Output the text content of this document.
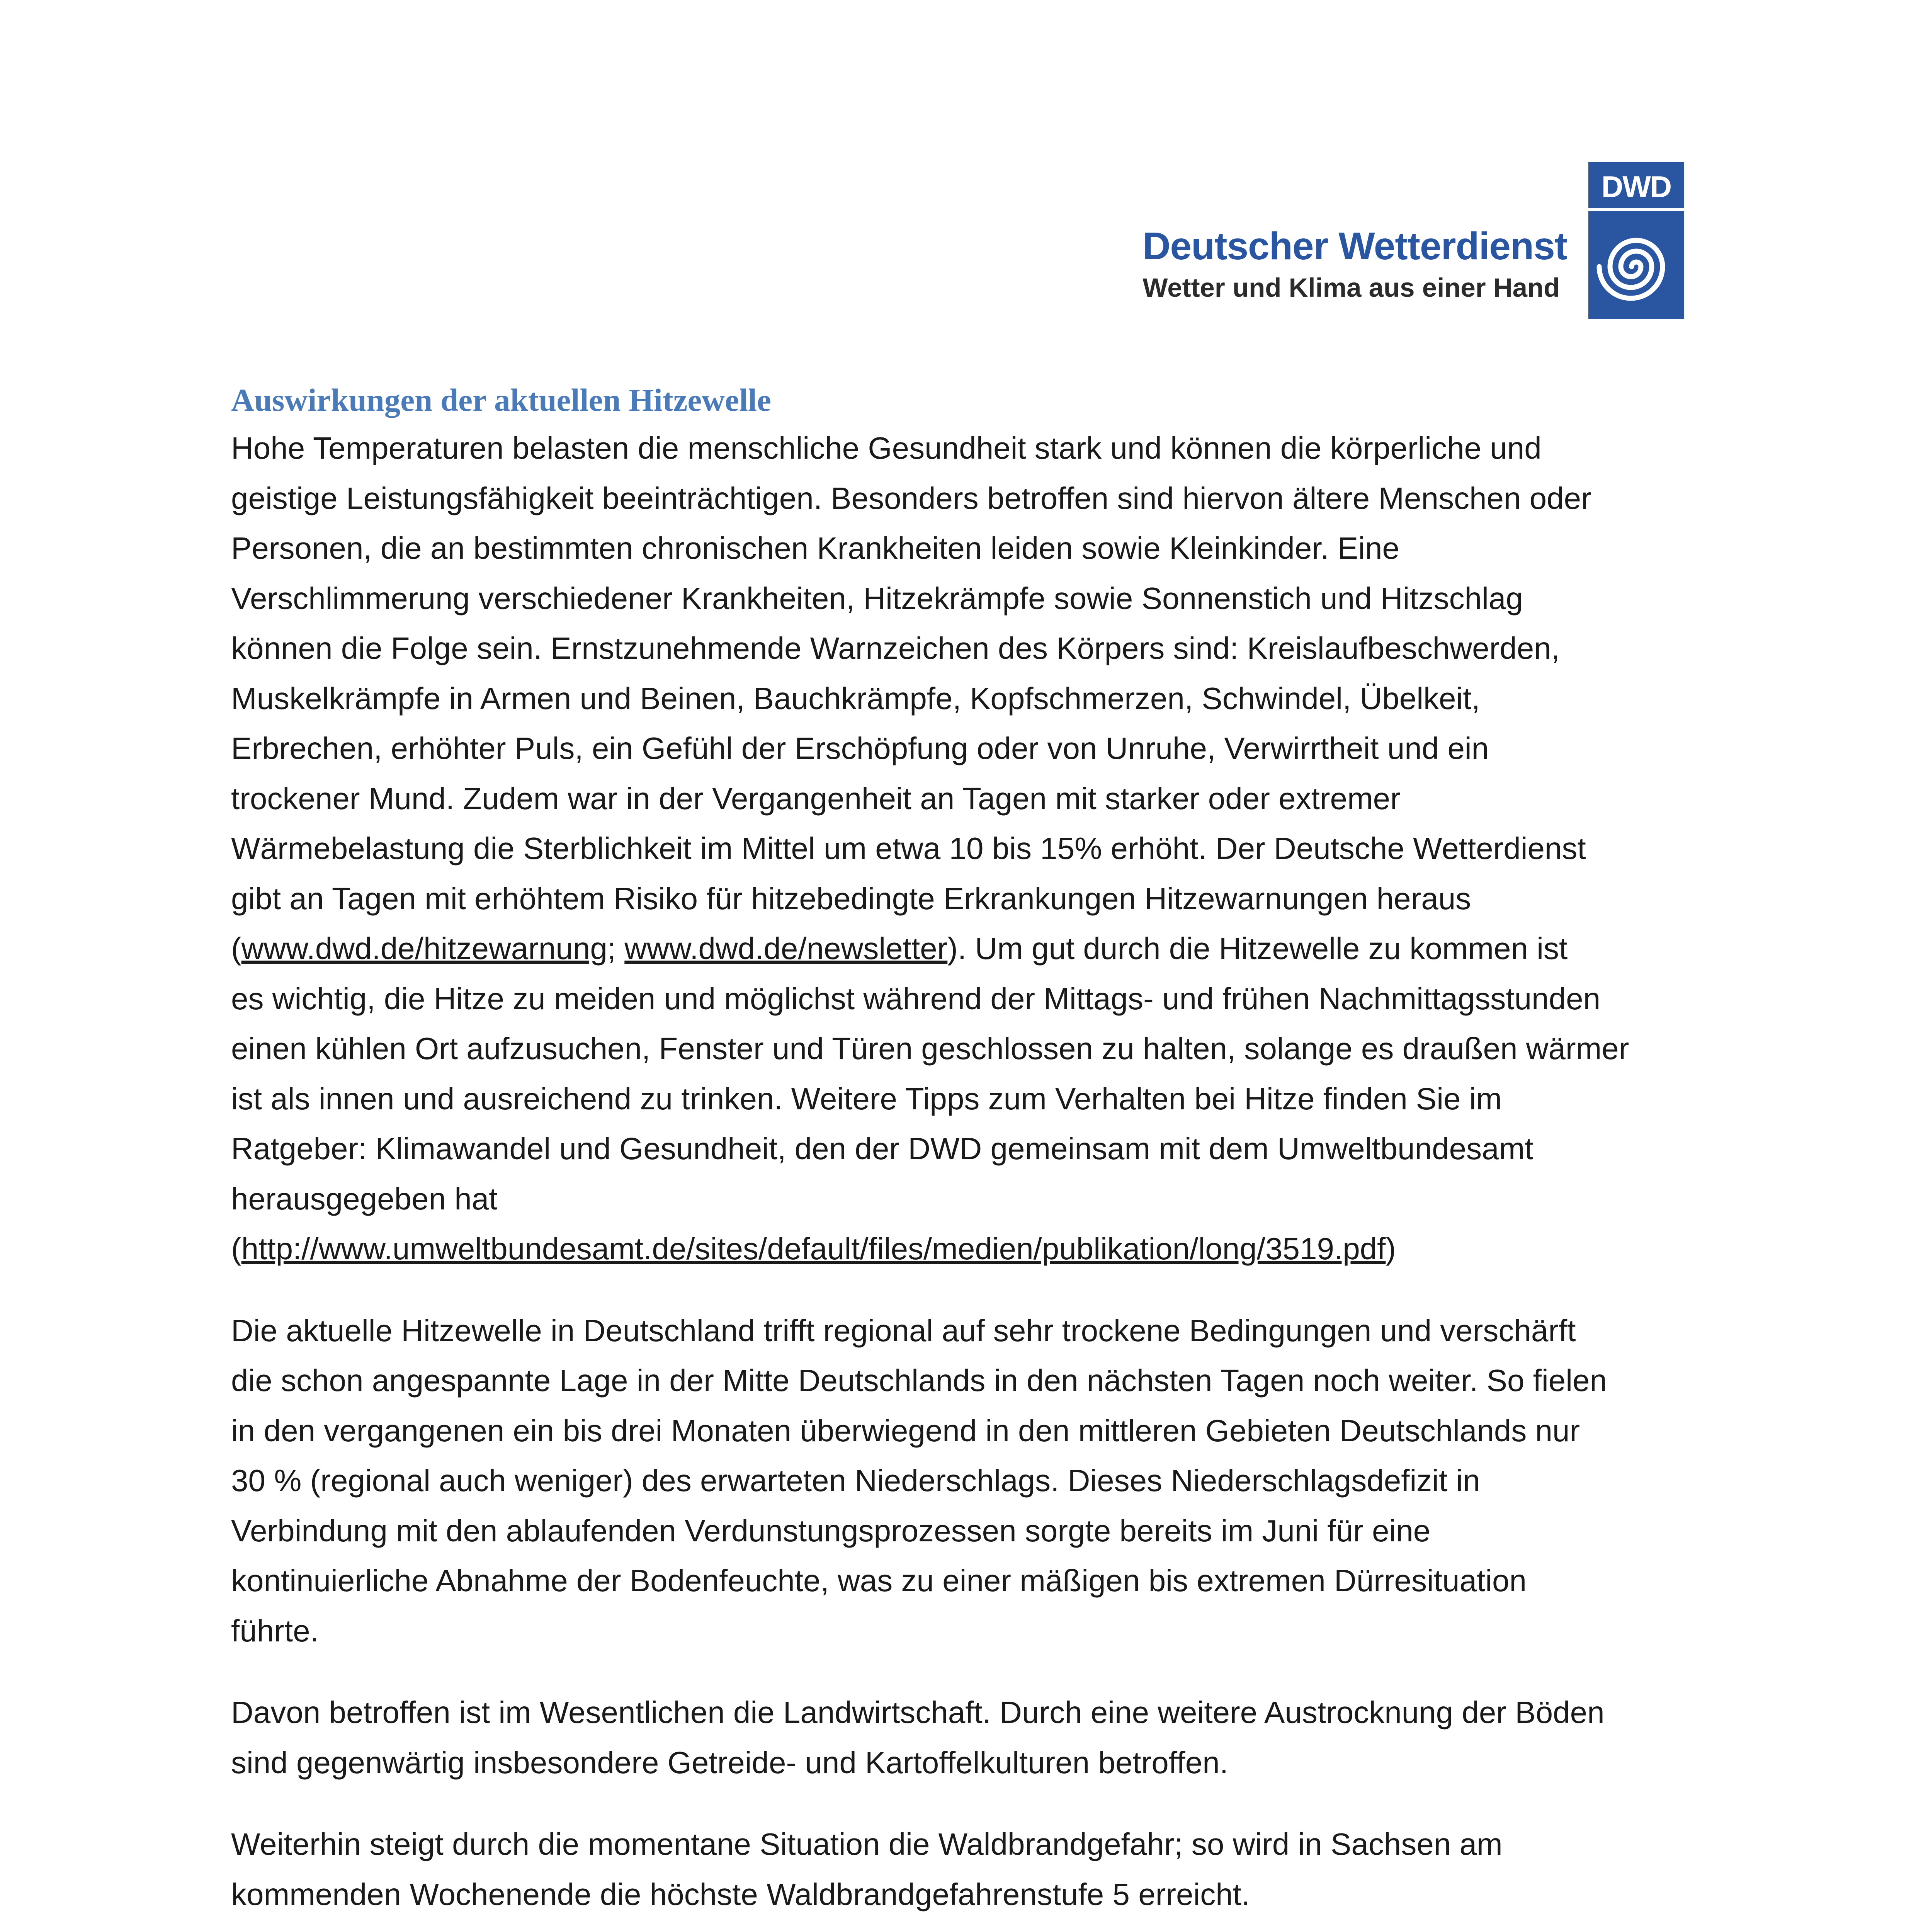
Deutscher Wetterdienst
Wetter und Klima aus einer Hand
DWD
Auswirkungen der aktuellen Hitzewelle

Hohe Temperaturen belasten die menschliche Gesundheit stark und können die körperliche und
geistige Leistungsfähigkeit beeinträchtigen. Besonders betroffen sind hiervon ältere Menschen oder
Personen, die an bestimmten chronischen Krankheiten leiden sowie Kleinkinder. Eine
Verschlimmerung verschiedener Krankheiten, Hitzekrämpfe sowie Sonnenstich und Hitzschlag
können die Folge sein. Ernstzunehmende Warnzeichen des Körpers sind: Kreislaufbeschwerden,
Muskelkrämpfe in Armen und Beinen, Bauchkrämpfe, Kopfschmerzen, Schwindel, Übelkeit,
Erbrechen, erhöhter Puls, ein Gefühl der Erschöpfung oder von Unruhe, Verwirrtheit und ein
trockener Mund. Zudem war in der Vergangenheit an Tagen mit starker oder extremer
Wärmebelastung die Sterblichkeit im Mittel um etwa 10 bis 15% erhöht. Der Deutsche Wetterdienst
gibt an Tagen mit erhöhtem Risiko für hitzebedingte Erkrankungen Hitzewarnungen heraus
(www.dwd.de/hitzewarnung; www.dwd.de/newsletter). Um gut durch die Hitzewelle zu kommen ist
es wichtig, die Hitze zu meiden und möglichst während der Mittags- und frühen Nachmittagsstunden
einen kühlen Ort aufzusuchen, Fenster und Türen geschlossen zu halten, solange es draußen wärmer
ist als innen und ausreichend zu trinken. Weitere Tipps zum Verhalten bei Hitze finden Sie im
Ratgeber: Klimawandel und Gesundheit, den der DWD gemeinsam mit dem Umweltbundesamt
herausgegeben hat
(http://www.umweltbundesamt.de/sites/default/files/medien/publikation/long/3519.pdf)

Die aktuelle Hitzewelle in Deutschland trifft regional auf sehr trockene Bedingungen und verschärft
die schon angespannte Lage in der Mitte Deutschlands in den nächsten Tagen noch weiter. So fielen
in den vergangenen ein bis drei Monaten überwiegend in den mittleren Gebieten Deutschlands nur
30 % (regional auch weniger) des erwarteten Niederschlags. Dieses Niederschlagsdefizit in
Verbindung mit den ablaufenden Verdunstungsprozessen sorgte bereits im Juni für eine
kontinuierliche Abnahme der Bodenfeuchte, was zu einer mäßigen bis extremen Dürresituation
führte.

Davon betroffen ist im Wesentlichen die Landwirtschaft. Durch eine weitere Austrocknung der Böden
sind gegenwärtig insbesondere Getreide- und Kartoffelkulturen betroffen.

Weiterhin steigt durch die momentane Situation die Waldbrandgefahr; so wird in Sachsen am
kommenden Wochenende die höchste Waldbrandgefahrenstufe 5 erreicht.
